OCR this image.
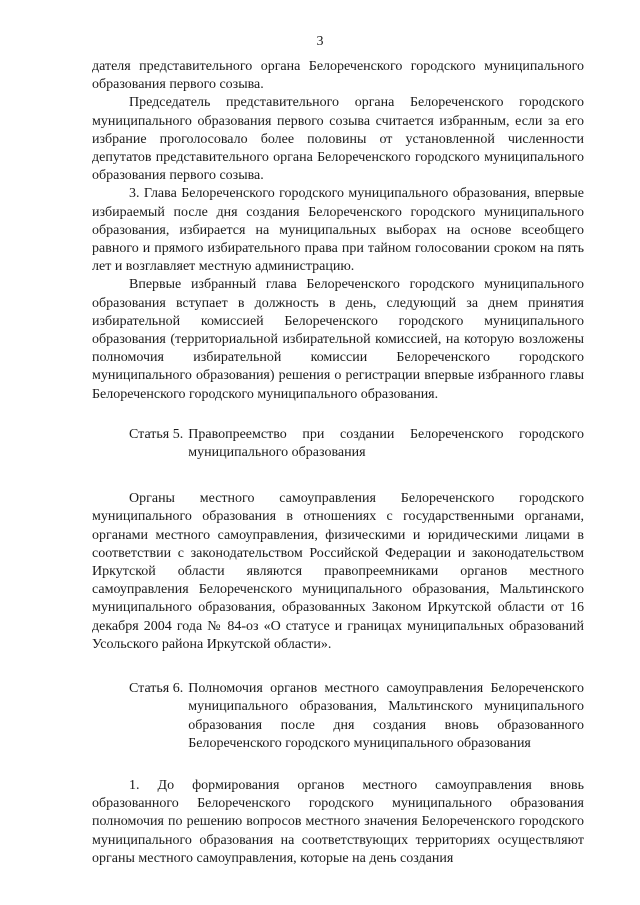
3

дателя представительного органа Белореченского городского муниципального образования первого созыва.

Председатель представительного органа Белореченского городского муниципального образования первого созыва считается избранным, если за его избрание проголосовало более половины от установленной численности депутатов представительного органа Белореченского городского муниципального образования первого созыва.

3. Глава Белореченского городского муниципального образования, впервые избираемый после дня создания Белореченского городского муниципального образования, избирается на муниципальных выборах на основе всеобщего равного и прямого избирательного права при тайном голосовании сроком на пять лет и возглавляет местную администрацию.

Впервые избранный глава Белореченского городского муниципального образования вступает в должность в день, следующий за днем принятия избирательной комиссией Белореченского городского муниципального образования (территориальной избирательной комиссией, на которую возложены полномочия избирательной комиссии Белореченского городского муниципального образования) решения о регистрации впервые избранного главы Белореченского городского муниципального образования.

Статья 5. Правопреемство при создании Белореченского городского муниципального образования

Органы местного самоуправления Белореченского городского муниципального образования в отношениях с государственными органами, органами местного самоуправления, физическими и юридическими лицами в соответствии с законодательством Российской Федерации и законодательством Иркутской области являются правопреемниками органов местного самоуправления Белореченского муниципального образования, Мальтинского муниципального образования, образованных Законом Иркутской области от 16 декабря 2004 года № 84-оз «О статусе и границах муниципальных образований Усольского района Иркутской области».

Статья 6. Полномочия органов местного самоуправления Белореченского муниципального образования, Мальтинского муниципального образования после дня создания вновь образованного Белореченского городского муниципального образования

1. До формирования органов местного самоуправления вновь образованного Белореченского городского муниципального образования полномочия по решению вопросов местного значения Белореченского городского муниципального образования на соответствующих территориях осуществляют органы местного самоуправления, которые на день создания
